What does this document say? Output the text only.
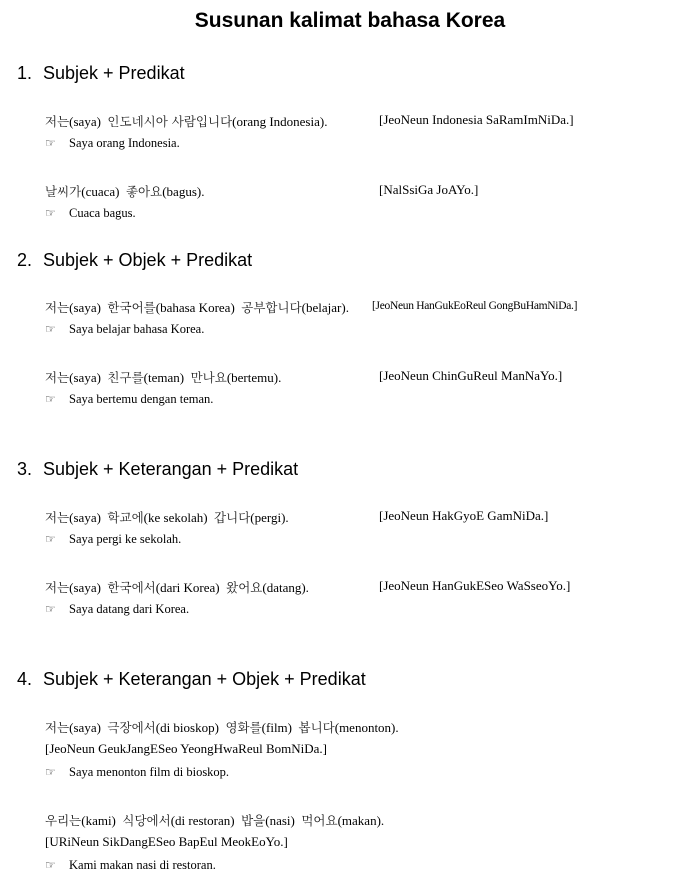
Susunan kalimat bahasa Korea
1. Subjek + Predikat
저는(saya) 인도네시아 사람입니다(orang Indonesia).	[JeoNeun Indonesia SaRamImNiDa.]
☞ Saya orang Indonesia.
날씨가(cuaca) 좋아요(bagus).	[NalSsiGa JoAYo.]
☞ Cuaca bagus.
2. Subjek + Objek + Predikat
저는(saya) 한국어를(bahasa Korea) 공부합니다(belajar). [JeoNeun HanGukEoReul GongBuHamNiDa.]
☞ Saya belajar bahasa Korea.
저는(saya) 친구를(teman) 만나요(bertemu).	[JeoNeun ChinGuReul ManNaYo.]
☞ Saya bertemu dengan teman.
3. Subjek + Keterangan + Predikat
저는(saya) 학교에(ke sekolah) 갑니다(pergi).	[JeoNeun HakGyoE GamNiDa.]
☞ Saya pergi ke sekolah.
저는(saya) 한국에서(dari Korea) 왔어요(datang).	[JeoNeun HanGukESeo WaSseoYo.]
☞ Saya datang dari Korea.
4. Subjek + Keterangan + Objek + Predikat
저는(saya) 극장에서(di bioskop) 영화를(film) 봅니다(menonton).
[JeoNeun GeukJangESeo YeongHwaReul BomNiDa.]
☞ Saya menonton film di bioskop.
우리는(kami) 식당에서(di restoran) 밥을(nasi) 먹어요(makan).
[URiNeun SikDangESeo BapEul MeokEoYo.]
☞ Kami makan nasi di restoran.
